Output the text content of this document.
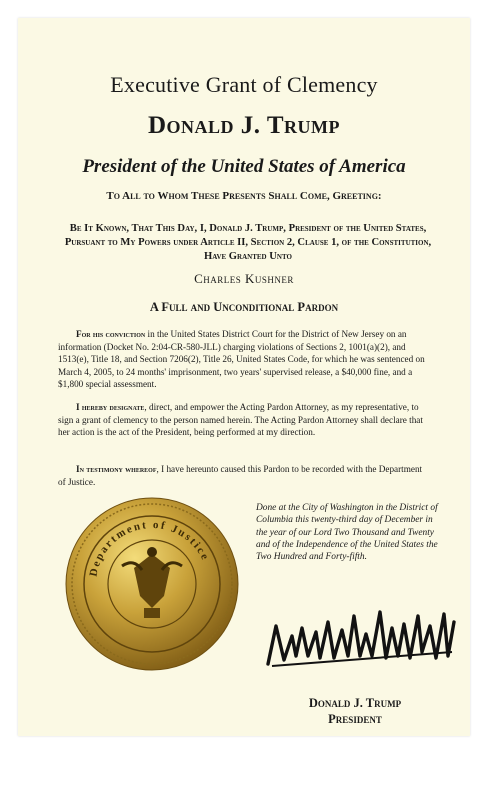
Executive Grant of Clemency
Donald J. Trump
President of the United States of America
To All to Whom These Presents Shall Come, Greeting:
Be It Known, That This Day, I, Donald J. Trump, President of the United States, Pursuant to My Powers under Article II, Section 2, Clause 1, of the Constitution, Have Granted Unto
Charles Kushner
A Full and Unconditional Pardon
For his conviction in the United States District Court for the District of New Jersey on an information (Docket No. 2:04-CR-580-JLL) charging violations of Sections 2, 1001(a)(2), and 1513(e), Title 18, and Section 7206(2), Title 26, United States Code, for which he was sentenced on March 4, 2005, to 24 months' imprisonment, two years' supervised release, a $40,000 fine, and a $1,800 special assessment.
I hereby designate, direct, and empower the Acting Pardon Attorney, as my representative, to sign a grant of clemency to the person named herein. The Acting Pardon Attorney shall declare that her action is the act of the President, being performed at my direction.
In testimony whereof, I have hereunto caused this Pardon to be recorded with the Department of Justice.
Department of Justice
Done at the City of Washington in the District of Columbia this twenty-third day of December in the year of our Lord Two Thousand and Twenty and of the Independence of the United States the Two Hundred and Forty-fifth.
Donald J. Trump
President
